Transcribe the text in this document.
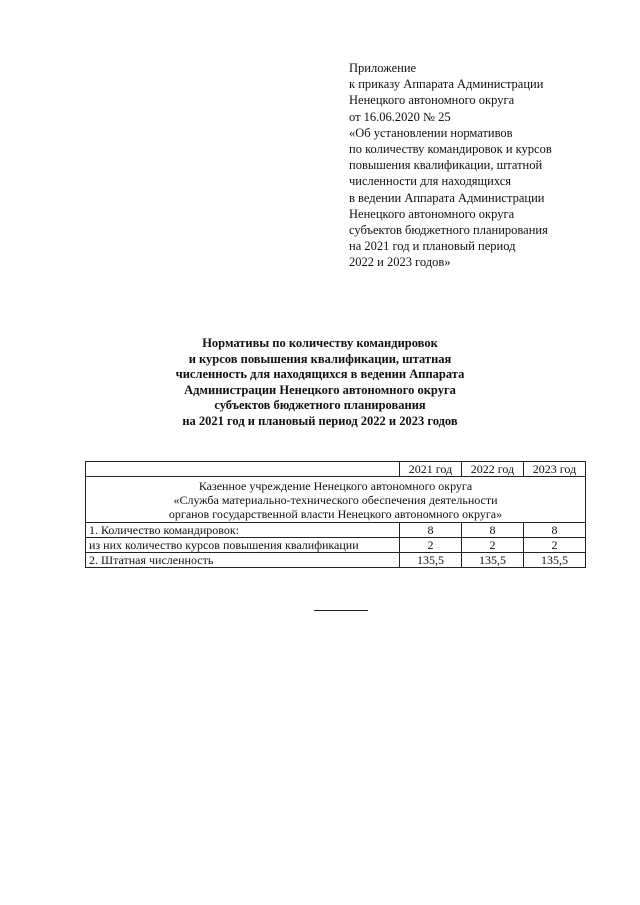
Приложение
к приказу Аппарата Администрации
Ненецкого автономного округа
от 16.06.2020 № 25
«Об установлении нормативов
по количеству командировок и курсов
повышения квалификации, штатной
численности для находящихся
в ведении Аппарата Администрации
Ненецкого автономного округа
субъектов бюджетного планирования
на 2021 год и плановый период
2022 и 2023 годов»
Нормативы по количеству командировок
и курсов повышения квалификации, штатная
численность для находящихся в ведении Аппарата
Администрации Ненецкого автономного округа
субъектов бюджетного планирования
на 2021 год и плановый период 2022 и 2023 годов
	2021 год	2022 год	2023 год

Казенное учреждение Ненецкого автономного округа
«Служба материально-технического обеспечения деятельности
органов государственной власти Ненецкого автономного округа»			

1. Количество командировок:	8	8	8
из них количество курсов повышения квалификации	2	2	2
2. Штатная численность	135,5	135,5	135,5
